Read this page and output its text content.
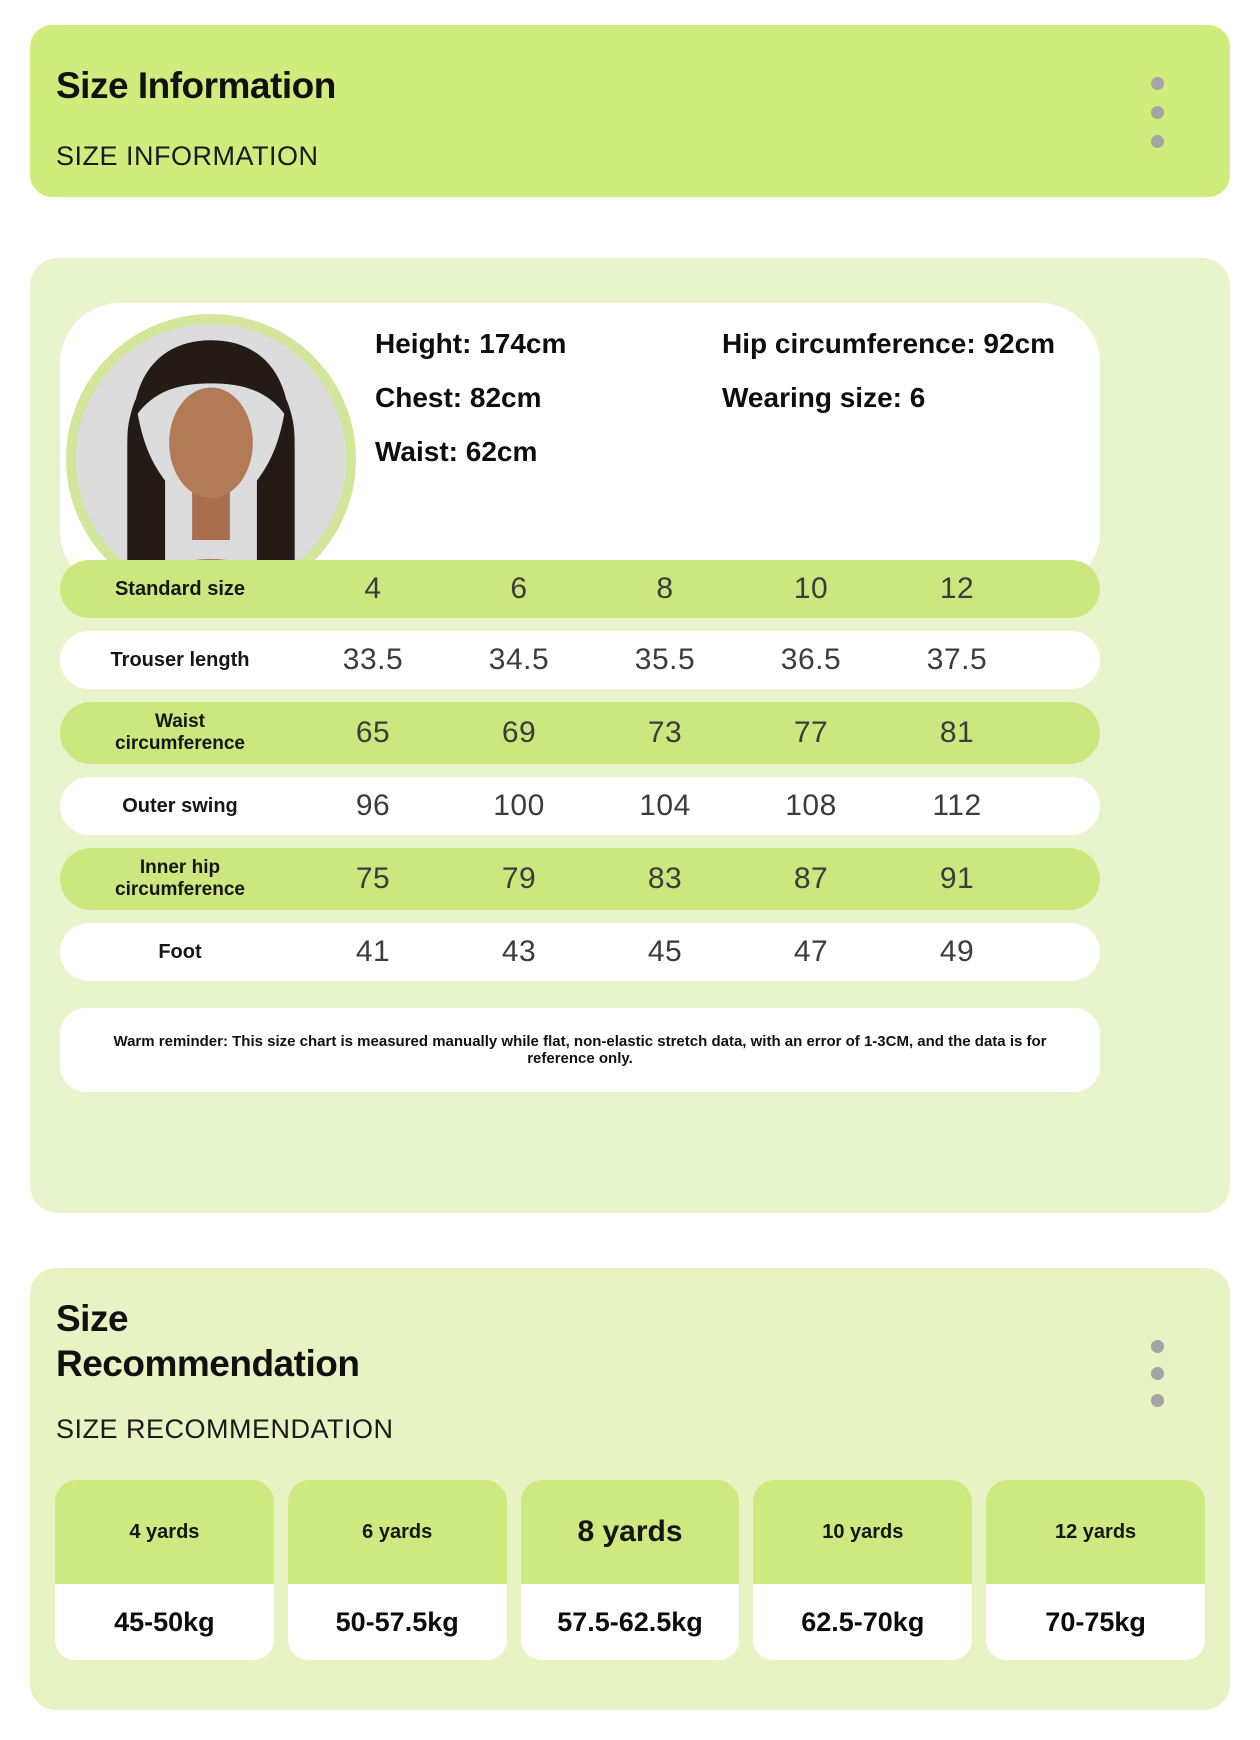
Size Information
SIZE INFORMATION
Height: 174cm
Chest: 82cm
Waist: 62cm
Hip circumference: 92cm
Wearing size: 6
Standard size	4	6	8	10	12
Trouser length	33.5	34.5	35.5	36.5	37.5
Waist circumference	65	69	73	77	81
Outer swing	96	100	104	108	112
Inner hip circumference	75	79	83	87	91
Foot	41	43	45	47	49
Warm reminder: This size chart is measured manually while flat, non-elastic stretch data, with an error of 1-3CM, and the data is for reference only.
Size Recommendation
SIZE RECOMMENDATION
4 yards
45-50kg
6 yards
50-57.5kg
8 yards
57.5-62.5kg
10 yards
62.5-70kg
12 yards
70-75kg
